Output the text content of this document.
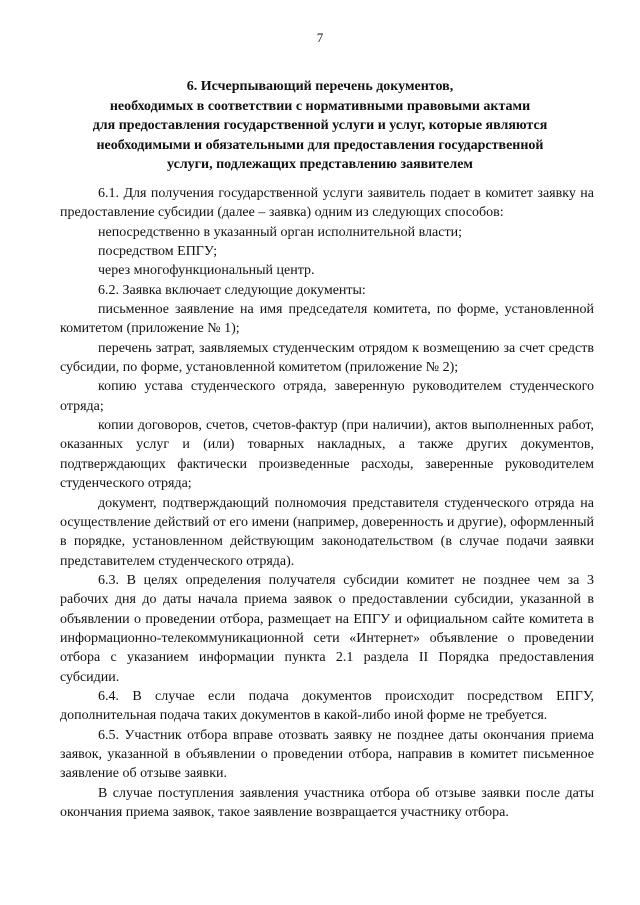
7
6. Исчерпывающий перечень документов,
необходимых в соответствии с нормативными правовыми актами
для предоставления государственной услуги и услуг, которые являются
необходимыми и обязательными для предоставления государственной
услуги, подлежащих представлению заявителем

6.1. Для получения государственной услуги заявитель подает в комитет заявку на предоставление субсидии (далее – заявка) одним из следующих способов:

непосредственно в указанный орган исполнительной власти;

посредством ЕПГУ;

через многофункциональный центр.

6.2. Заявка включает следующие документы:

письменное заявление на имя председателя комитета, по форме, установленной комитетом (приложение № 1);

перечень затрат, заявляемых студенческим отрядом к возмещению за счет средств субсидии, по форме, установленной комитетом (приложение № 2);

копию устава студенческого отряда, заверенную руководителем студенческого отряда;

копии договоров, счетов, счетов-фактур (при наличии), актов выполненных работ, оказанных услуг и (или) товарных накладных, а также других документов, подтверждающих фактически произведенные расходы, заверенные руководителем студенческого отряда;

документ, подтверждающий полномочия представителя студенческого отряда на осуществление действий от его имени (например, доверенность и другие), оформленный в порядке, установленном действующим законодательством (в случае подачи заявки представителем студенческого отряда).

6.3. В целях определения получателя субсидии комитет не позднее чем за 3 рабочих дня до даты начала приема заявок о предоставлении субсидии, указанной в объявлении о проведении отбора, размещает на ЕПГУ и официальном сайте комитета в информационно-телекоммуникационной сети «Интернет» объявление о проведении отбора с указанием информации пункта 2.1 раздела II Порядка предоставления субсидии.

6.4. В случае если подача документов происходит посредством ЕПГУ, дополнительная подача таких документов в какой-либо иной форме не требуется.

6.5. Участник отбора вправе отозвать заявку не позднее даты окончания приема заявок, указанной в объявлении о проведении отбора, направив в комитет письменное заявление об отзыве заявки.

В случае поступления заявления участника отбора об отзыве заявки после даты окончания приема заявок, такое заявление возвращается участнику отбора.
